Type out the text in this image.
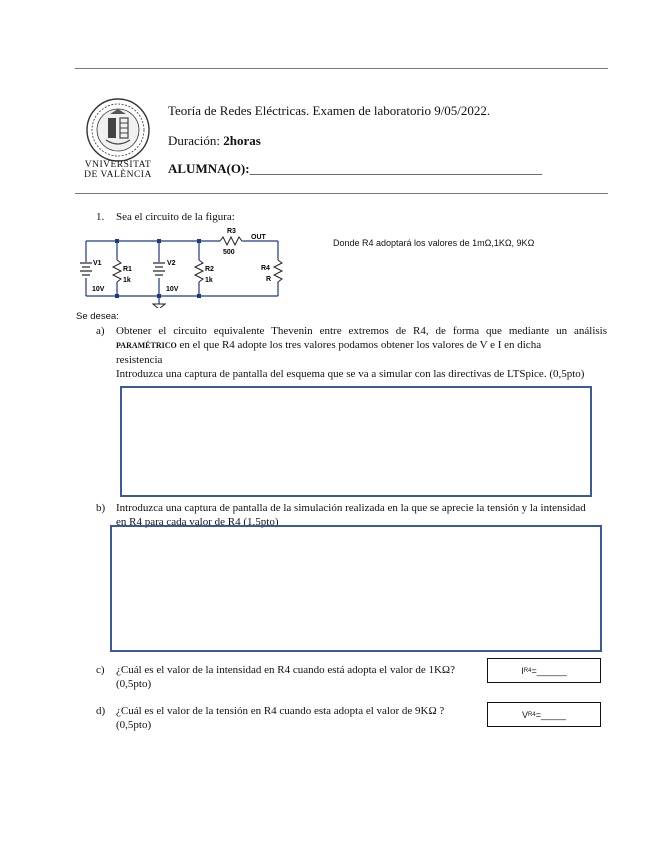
VNIVERSITAT
DE VALÈNCIA
Teoría de Redes Eléctricas. Examen de laboratorio 9/05/2022.
Duración: 2horas
ALUMNA(O):_____________________________________________
1. Sea el circuito de la figura:
Donde R4 adoptará los valores de 1mΩ,1KΩ, 9KΩ
R3
500
OUT
V1
10V
R1
1k
V2
10V
R2
1k
R4
R
Se desea:
a) Obtener el circuito equivalente Thevenin entre extremos de R4, de forma que mediante un análisis
PARAMÉTRICO en el que R4 adopte los tres valores podamos obtener los valores de V e I en dicha
resistencia
Introduzca una captura de pantalla del esquema que se va a simular con las directivas de LTSpice. (0,5pto)
b) Introduzca una captura de pantalla de la simulación realizada en la que se aprecie la tensión y la intensidad
en R4 para cada valor de R4 (1,5pto)
c) ¿Cuál es el valor de la intensidad en R4 cuando está adopta el valor de 1KΩ?
(0,5pto)
I R4 =______
d) ¿Cuál es el valor de la tensión en R4 cuando esta adopta el valor de 9KΩ ?
(0,5pto)
V R4 =_____
